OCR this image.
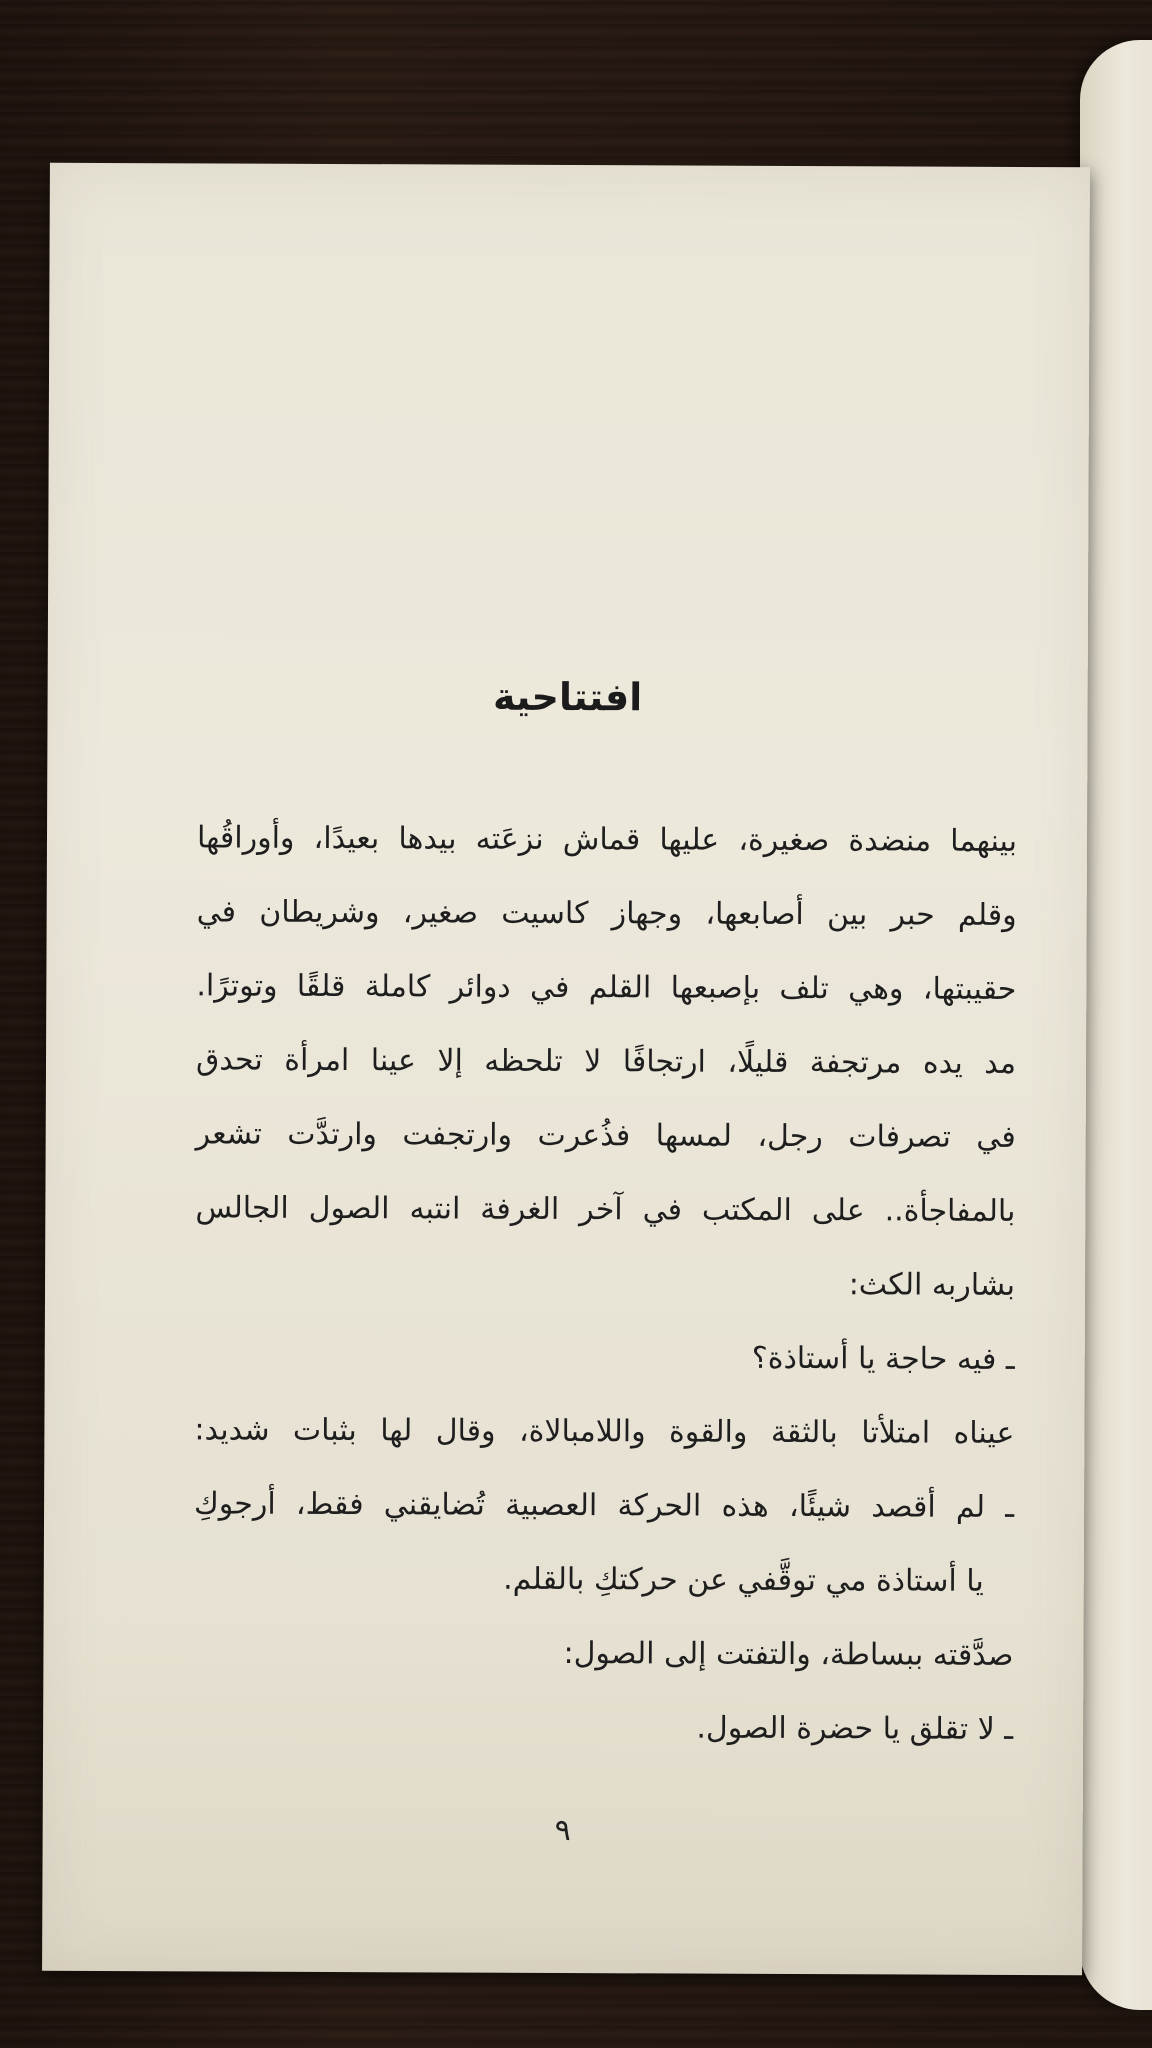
افتتاحية
بينهما منضدة صغيرة، عليها قماش نزعَته بيدها بعيدًا، وأوراقُها
وقلم حبر بين أصابعها، وجهاز كاسيت صغير، وشريطان في
حقيبتها، وهي تلف بإصبعها القلم في دوائر كاملة قلقًا وتوترًا.
مد يده مرتجفة قليلًا، ارتجافًا لا تلحظه إلا عينا امرأة تحدق
في تصرفات رجل، لمسها فذُعرت وارتجفت وارتدَّت تشعر
بالمفاجأة.. على المكتب في آخر الغرفة انتبه الصول الجالس
بشاربه الكث:
ـ فيه حاجة يا أستاذة؟
عيناه امتلأتا بالثقة والقوة واللامبالاة، وقال لها بثبات شديد:
ـ لم أقصد شيئًا، هذه الحركة العصبية تُضايقني فقط، أرجوكِ
يا أستاذة مي توقَّفي عن حركتكِ بالقلم.
صدَّقته ببساطة، والتفتت إلى الصول:
ـ لا تقلق يا حضرة الصول.
٩
